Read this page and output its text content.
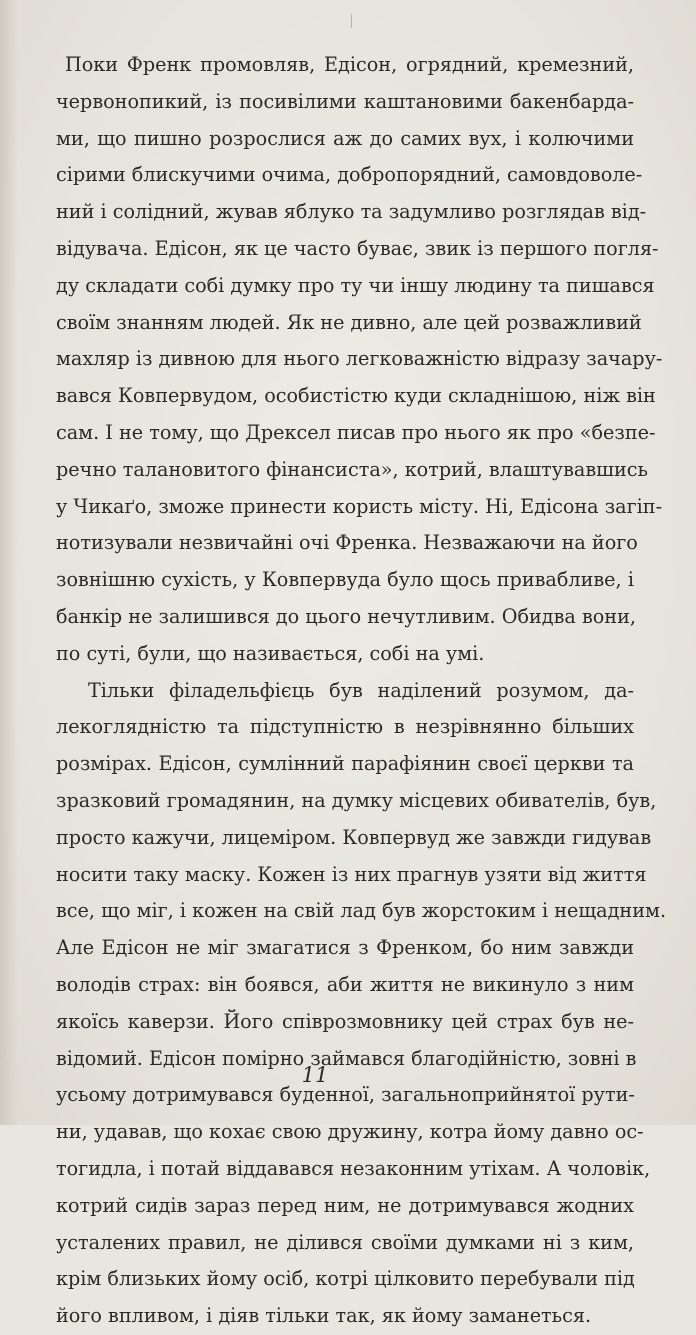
Поки Френк промовляв, Едісон, огрядний, кремезний,
червонопикий, із посивілими каштановими бакенбарда-
ми, що пишно розрослися аж до самих вух, і колючими
сірими блискучими очима, добропорядний, самовдоволе-
ний і солідний, жував яблуко та задумливо розглядав від-
відувача. Едісон, як це часто буває, звик із першого погля-
ду складати собі думку про ту чи іншу людину та пишався
своїм знанням людей. Як не дивно, але цей розважливий
махляр із дивною для нього легковажністю відразу зачару-
вався Ковпервудом, особистістю куди складнішою, ніж він
сам. І не тому, що Дрексел писав про нього як про «безпе-
речно талановитого фінансиста», котрий, влаштувавшись
у Чикаґо, зможе принести користь місту. Ні, Едісона загіп-
нотизували незвичайні очі Френка. Незважаючи на його
зовнішню сухість, у Ковпервуда було щось привабливе, і
банкір не залишився до цього нечутливим. Обидва вони,
по суті, були, що називається, собі на умі.
Тільки філадельфієць був наділений розумом, да-
лекоглядністю та підступністю в незрівнянно більших
розмірах. Едісон, сумлінний парафіянин своєї церкви та
зразковий громадянин, на думку місцевих обивателів, був,
просто кажучи, лицеміром. Ковпервуд же завжди гидував
носити таку маску. Кожен із них прагнув узяти від життя
все, що міг, і кожен на свій лад був жорстоким і нещадним.
Але Едісон не міг змагатися з Френком, бо ним завжди
володів страх: він боявся, аби життя не викинуло з ним
якоїсь каверзи. Його співрозмовнику цей страх був не-
відомий. Едісон помірно займався благодійністю, зовні в
усьому дотримувався буденної, загальноприйнятої рути-
ни, удавав, що кохає свою дружину, котра йому давно ос-
тогидла, і потай віддавався незаконним утіхам. А чоловік,
котрий сидів зараз перед ним, не дотримувався жодних
усталених правил, не ділився своїми думками ні з ким,
крім близьких йому осіб, котрі цілковито перебували під
його впливом, і діяв тільки так, як йому заманеться.
11
